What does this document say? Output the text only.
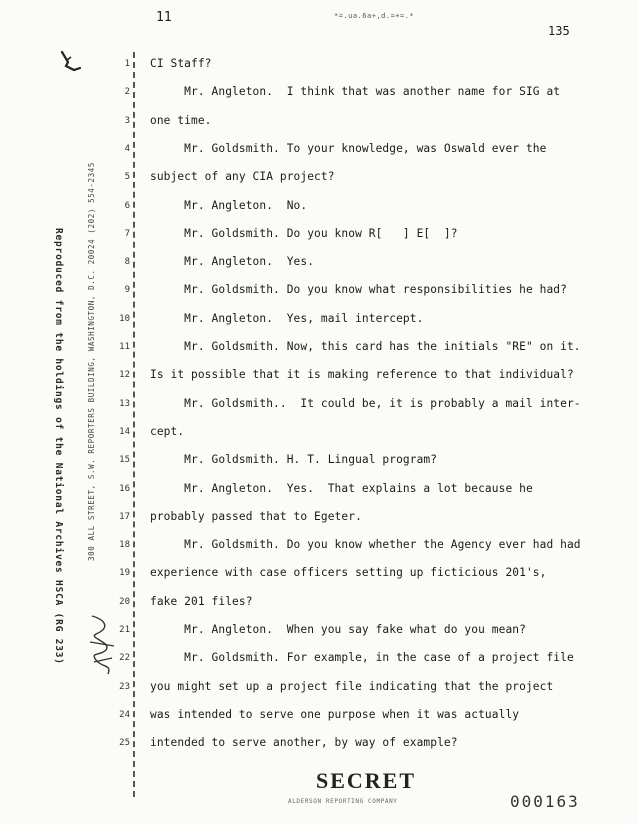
11	*=.ua.6a+,d.=+=.*
135
Reproduced from the holdings of the National Archives HSCA (RG 233)	300 ALL STREET, S.W. REPORTERS BUILDING, WASHINGTON, D.C. 20024 (202) 554-2345
1 CI Staff?
2 Mr. Angleton.  I think that was another name for SIG at
3 one time.
4 Mr. Goldsmith. To your knowledge, was Oswald ever the
5 subject of any CIA project?
6 Mr. Angleton.  No.
7 Mr. Goldsmith. Do you know R[   ] E[  ]?
8 Mr. Angleton.  Yes.
9 Mr. Goldsmith. Do you know what responsibilities he had?
10 Mr. Angleton.  Yes, mail intercept.
11 Mr. Goldsmith. Now, this card has the initials "RE" on it.
12 Is it possible that it is making reference to that individual?
13 Mr. Goldsmith..  It could be, it is probably a mail inter-
14 cept.
15 Mr. Goldsmith. H. T. Lingual program?
16 Mr. Angleton.  Yes.  That explains a lot because he
17 probably passed that to Egeter.
18 Mr. Goldsmith. Do you know whether the Agency ever had had
19 experience with case officers setting up ficticious 201's,
20 fake 201 files?
21 Mr. Angleton.  When you say fake what do you mean?
22 Mr. Goldsmith. For example, in the case of a project file
23 you might set up a project file indicating that the project
24 was intended to serve one purpose when it was actually
25 intended to serve another, by way of example?
SECRET
ALDERSON REPORTING COMPANY	000163
